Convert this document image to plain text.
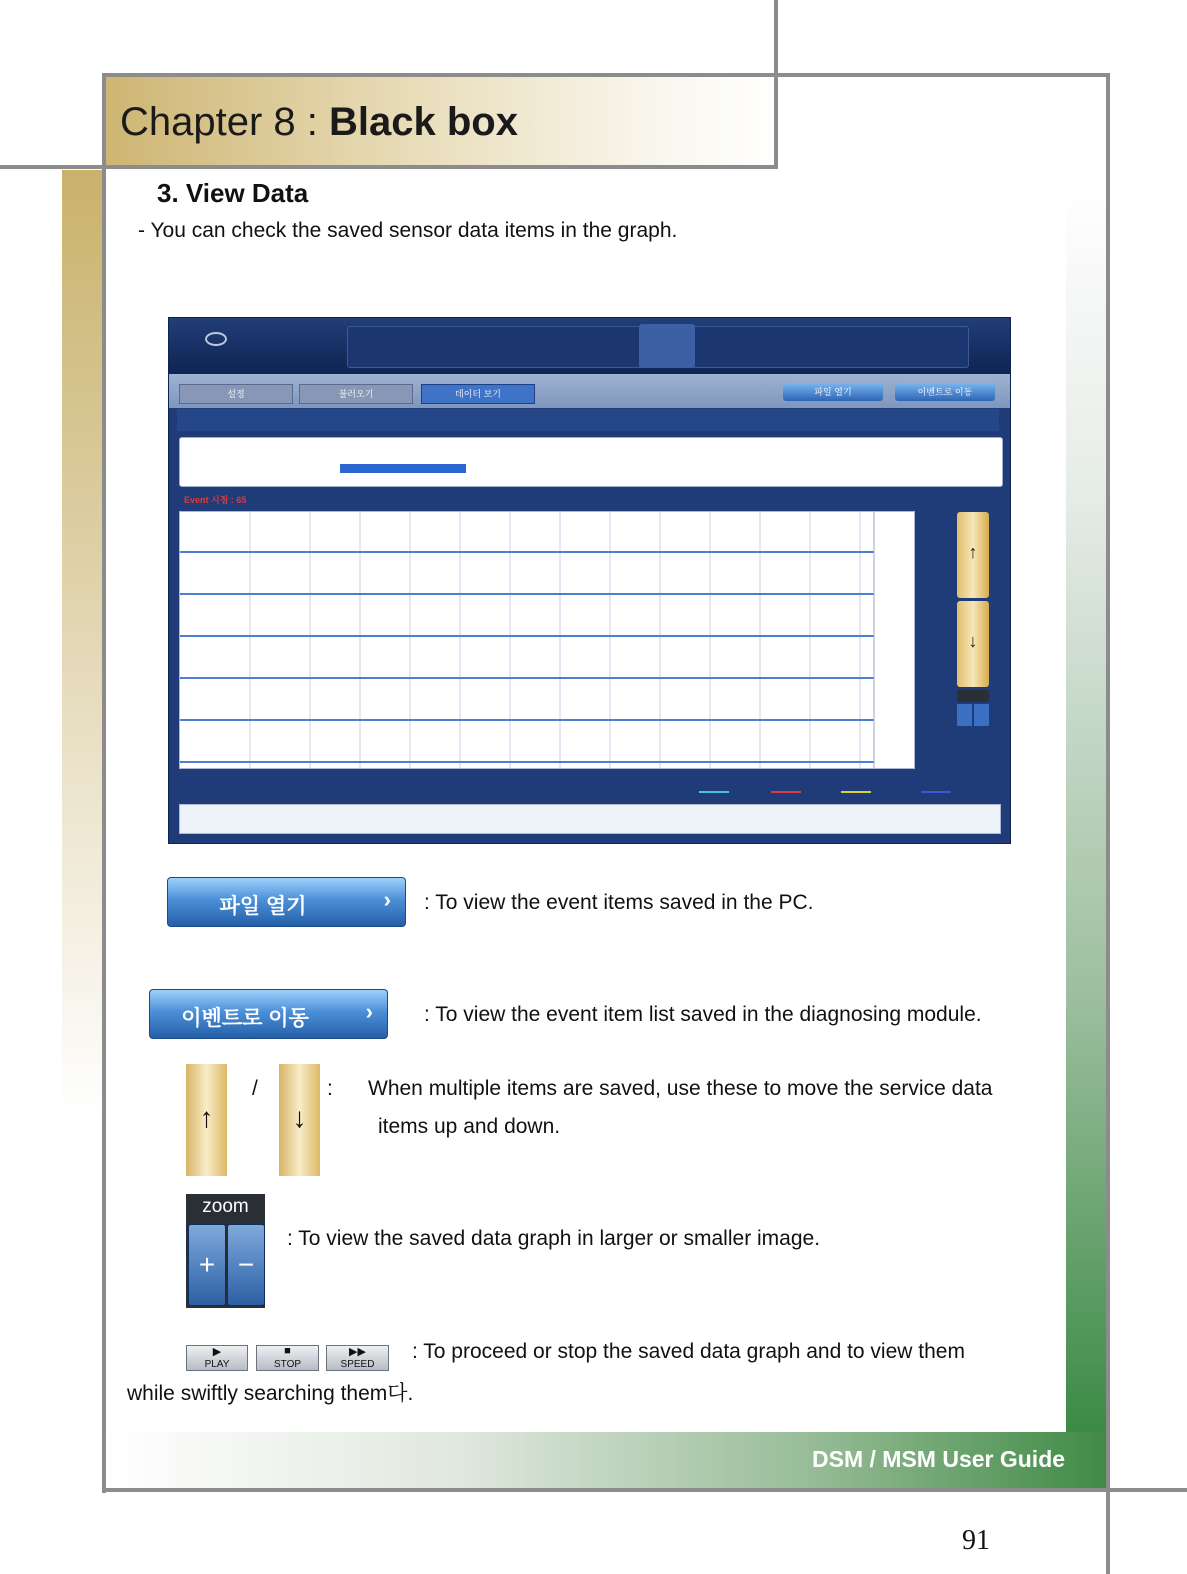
Chapter 8 : Black box
3. View Data
- You can check the saved sensor data items in the graph.
설정	불러오기	데이터 보기	파일 열기	이벤트로 이동
Event 시점 : 65
↑
↓
파일 열기	› : To view the event items saved in the PC.
이벤트로 이동	› : To view the event item list saved in the diagnosing module.
↑
/
↓
: When multiple items are saved, use these to move the service data
items up and down.
zoom
+ −
: To view the saved data graph in larger or smaller image.
▶
PLAY
■
STOP
▶▶
SPEED
: To proceed or stop the saved data graph and to view them
while swiftly searching them다.
DSM / MSM User Guide
91
